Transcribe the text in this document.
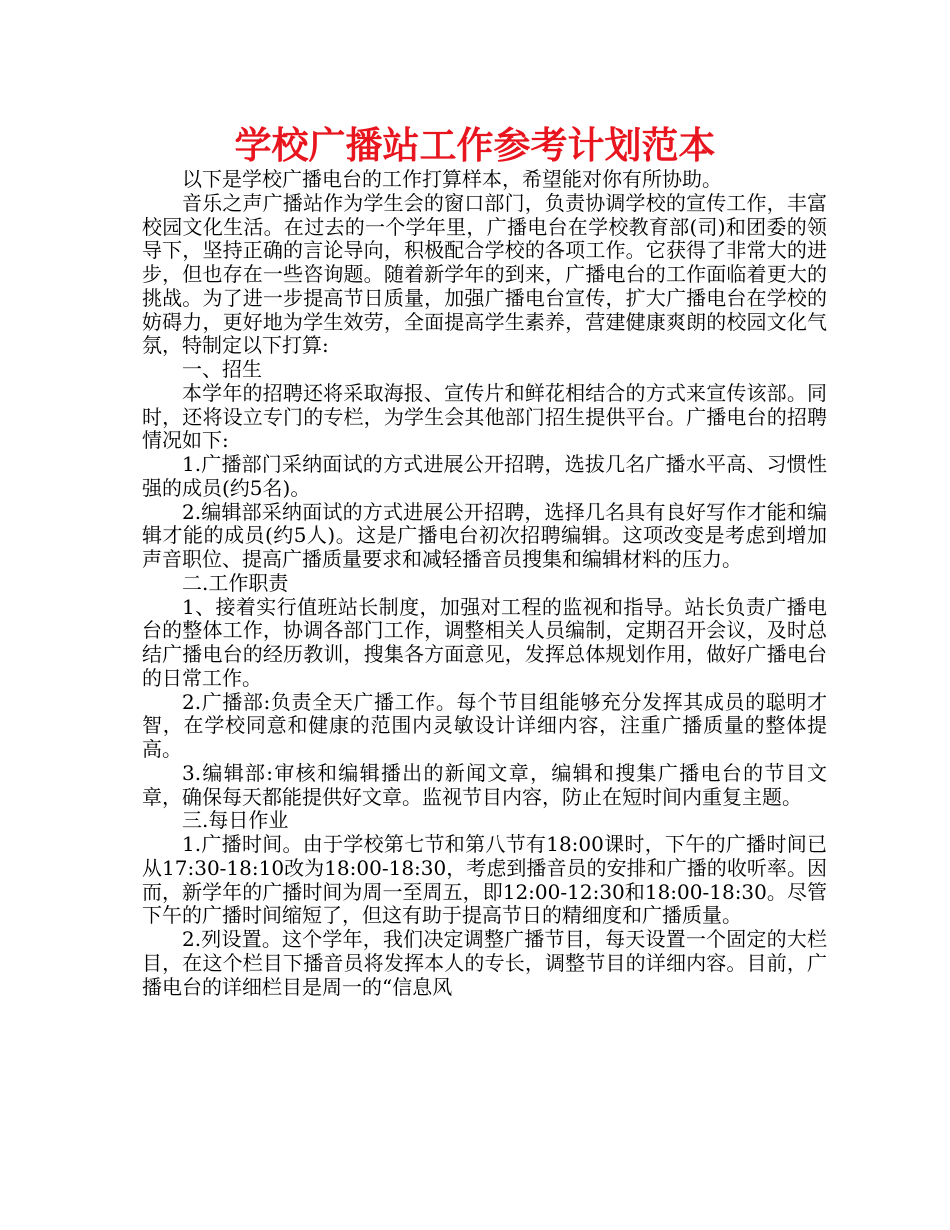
学校广播站工作参考计划范本

以下是学校广播电台的工作打算样本，希望能对你有所协助。

音乐之声广播站作为学生会的窗口部门，负责协调学校的宣传工作，丰富校园文化生活。在过去的一个学年里，广播电台在学校教育部(司)和团委的领导下，坚持正确的言论导向，积极配合学校的各项工作。它获得了非常大的进步，但也存在一些咨询题。随着新学年的到来，广播电台的工作面临着更大的挑战。为了进一步提高节日质量，加强广播电台宣传，扩大广播电台在学校的妨碍力，更好地为学生效劳，全面提高学生素养，营建健康爽朗的校园文化气氛，特制定以下打算:

一、招生

本学年的招聘还将采取海报、宣传片和鲜花相结合的方式来宣传该部。同时，还将设立专门的专栏，为学生会其他部门招生提供平台。广播电台的招聘情况如下:

1.广播部门采纳面试的方式进展公开招聘，选拔几名广播水平高、习惯性强的成员(约5名)。

2.编辑部采纳面试的方式进展公开招聘，选择几名具有良好写作才能和编辑才能的成员(约5人)。这是广播电台初次招聘编辑。这项改变是考虑到增加声音职位、提高广播质量要求和减轻播音员搜集和编辑材料的压力。

二.工作职责

1、接着实行值班站长制度，加强对工程的监视和指导。站长负责广播电台的整体工作，协调各部门工作，调整相关人员编制，定期召开会议，及时总结广播电台的经历教训，搜集各方面意见，发挥总体规划作用，做好广播电台的日常工作。

2.广播部:负责全天广播工作。每个节目组能够充分发挥其成员的聪明才智，在学校同意和健康的范围内灵敏设计详细内容，注重广播质量的整体提高。

3.编辑部:审核和编辑播出的新闻文章，编辑和搜集广播电台的节目文章，确保每天都能提供好文章。监视节目内容，防止在短时间内重复主题。

三.每日作业

1.广播时间。由于学校第七节和第八节有18:00课时，下午的广播时间已从17:30-18:10改为18:00-18:30，考虑到播音员的安排和广播的收听率。因而，新学年的广播时间为周一至周五，即12:00-12:30和18:00-18:30。尽管下午的广播时间缩短了，但这有助于提高节日的精细度和广播质量。

2.列设置。这个学年，我们决定调整广播节目，每天设置一个固定的大栏目，在这个栏目下播音员将发挥本人的专长，调整节目的详细内容。目前，广播电台的详细栏目是周一的“信息风
